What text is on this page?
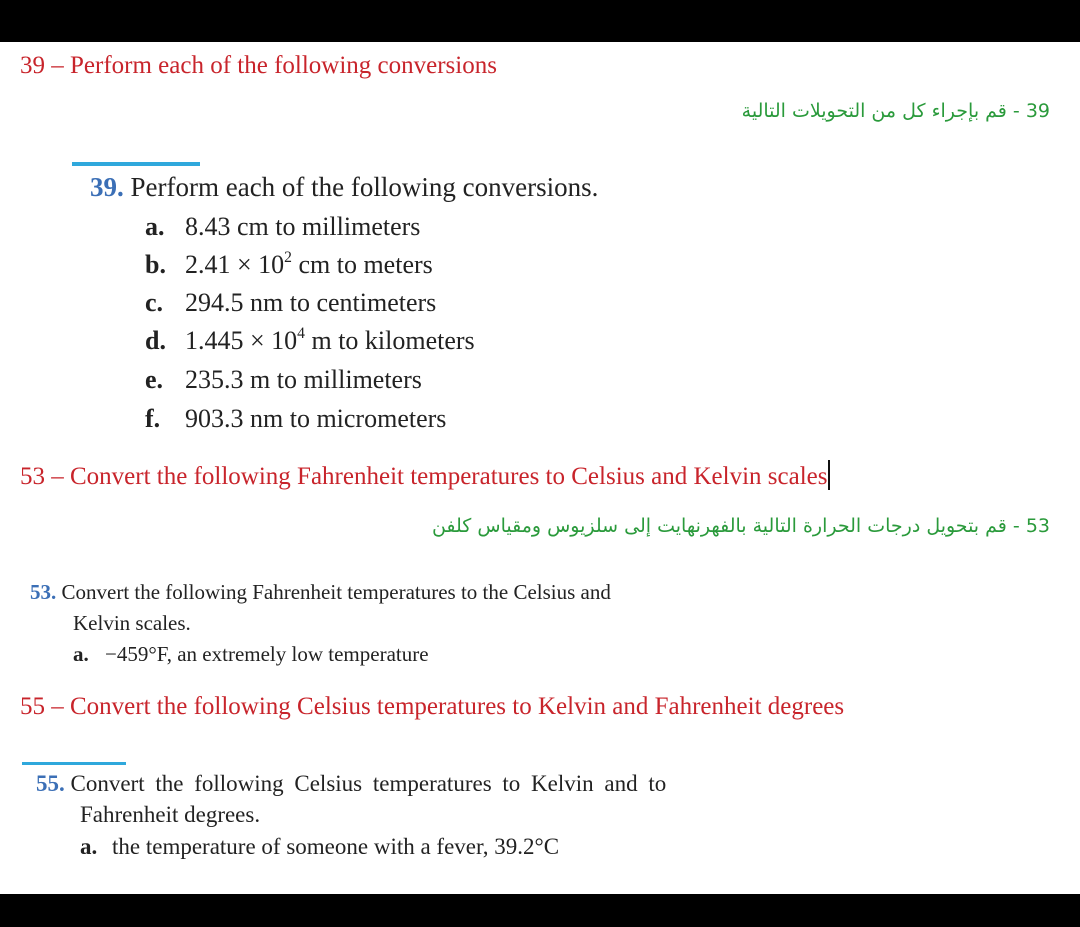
39 – Perform each of the following conversions
39 - قم بإجراء كل من التحويلات التالية
39. Perform each of the following conversions.
a. 8.43 cm to millimeters
b. $2.41 \times 10^2$ cm to meters
c. 294.5 nm to centimeters
d. $1.445 \times 10^4$ m to kilometers
e. 235.3 m to millimeters
f. 903.3 nm to micrometers
53 – Convert the following Fahrenheit temperatures to Celsius and Kelvin scales
53 - قم بتحويل درجات الحرارة التالية بالفهرنهايت إلى سلزيوس ومقياس كلفن
53. Convert the following Fahrenheit temperatures to the Celsius and
Kelvin scales.
a. −459°F, an extremely low temperature
55 – Convert the following Celsius temperatures to Kelvin and Fahrenheit degrees
55. Convert the following Celsius temperatures to Kelvin and to
Fahrenheit degrees.
a. the temperature of someone with a fever, 39.2°C
